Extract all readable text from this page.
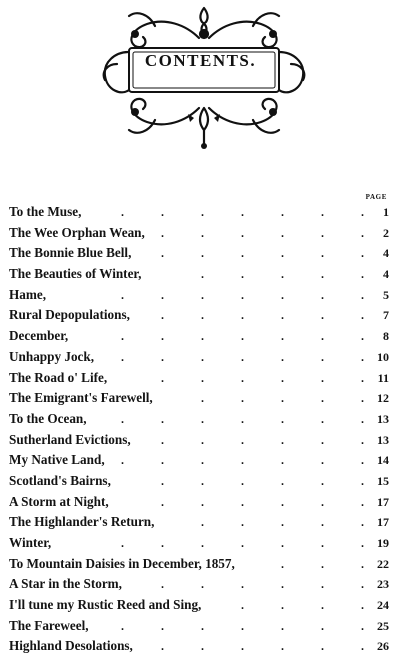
CONTENTS.
PAGE
To the Muse,	.	.	.	.	.	.	. 1
The Wee Orphan Wean, .	.	.	.	.	. 2
The Bonnie Blue Bell, .	.	.	.	.	. 4
The Beauties of Winter,	.	.	.	.	. 4
Hame,	.	.	.	.	.	.	. 5
Rural Depopulations,	.	.	.	.	.	. 7
December,	.	.	.	.	.	.	. 8
Unhappy Jock, .	.	.	.	.	.	. 10
The Road o' Life,	.	.	.	.	.	. 11
The Emigrant's Farewell,	.	.	.	.	. 12
To the Ocean,	.	.	.	.	.	.	. 13
Sutherland Evictions,	.	.	.	.	.	. 13
My Native Land, .	.	.	.	.	.	. 14
Scotland's Bairns,	.	.	.	.	.	. 15
A Storm at Night,	.	.	.	.	.	. 17
The Highlander's Return,	.	.	.	.	. 17
Winter,	.	.	.	.	.	.	. 19
To Mountain Daisies in December, 1857,	.	.	. 22
A Star in the Storm,	.	.	.	.	.	. 23
I'll tune my Rustic Reed and Sing,	.	.	.	. 24
The Fareweel,	.	.	.	.	.	.	. 25
Highland Desolations, .	.	.	.	.	. 26
